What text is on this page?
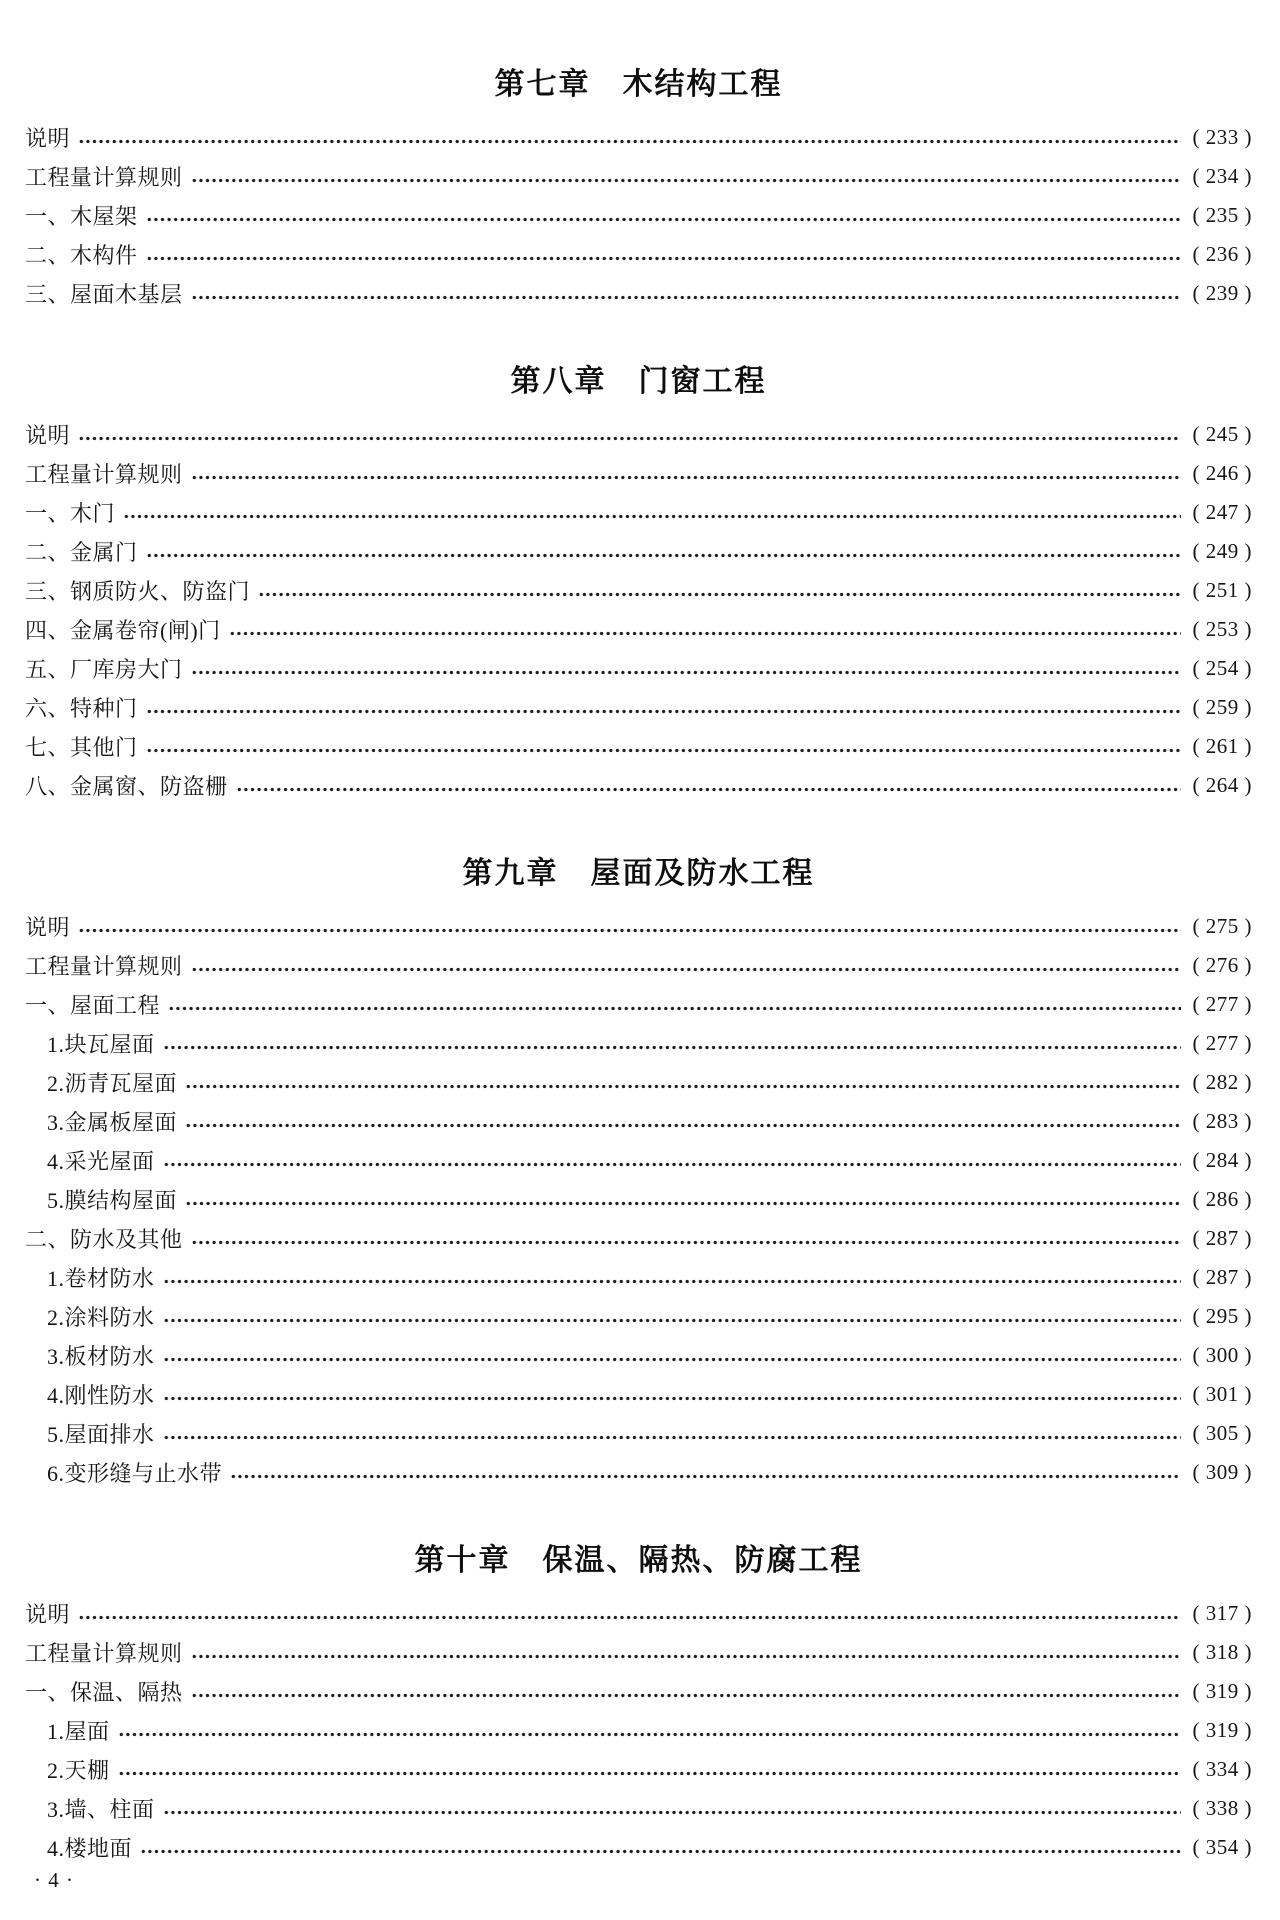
第七章　木结构工程
说明	( 233 )
工程量计算规则	( 234 )
一、木屋架	( 235 )
二、木构件	( 236 )
三、屋面木基层	( 239 )
第八章　门窗工程
说明	( 245 )
工程量计算规则	( 246 )
一、木门	( 247 )
二、金属门	( 249 )
三、钢质防火、防盗门	( 251 )
四、金属卷帘(闸)门	( 253 )
五、厂库房大门	( 254 )
六、特种门	( 259 )
七、其他门	( 261 )
八、金属窗、防盗栅	( 264 )
第九章　屋面及防水工程
说明	( 275 )
工程量计算规则	( 276 )
一、屋面工程	( 277 )
1.块瓦屋面	( 277 )
2.沥青瓦屋面	( 282 )
3.金属板屋面	( 283 )
4.采光屋面	( 284 )
5.膜结构屋面	( 286 )
二、防水及其他	( 287 )
1.卷材防水	( 287 )
2.涂料防水	( 295 )
3.板材防水	( 300 )
4.刚性防水	( 301 )
5.屋面排水	( 305 )
6.变形缝与止水带	( 309 )
第十章　保温、隔热、防腐工程
说明	( 317 )
工程量计算规则	( 318 )
一、保温、隔热	( 319 )
1.屋面	( 319 )
2.天棚	( 334 )
3.墙、柱面	( 338 )
4.楼地面	( 354 )
· 4 ·
